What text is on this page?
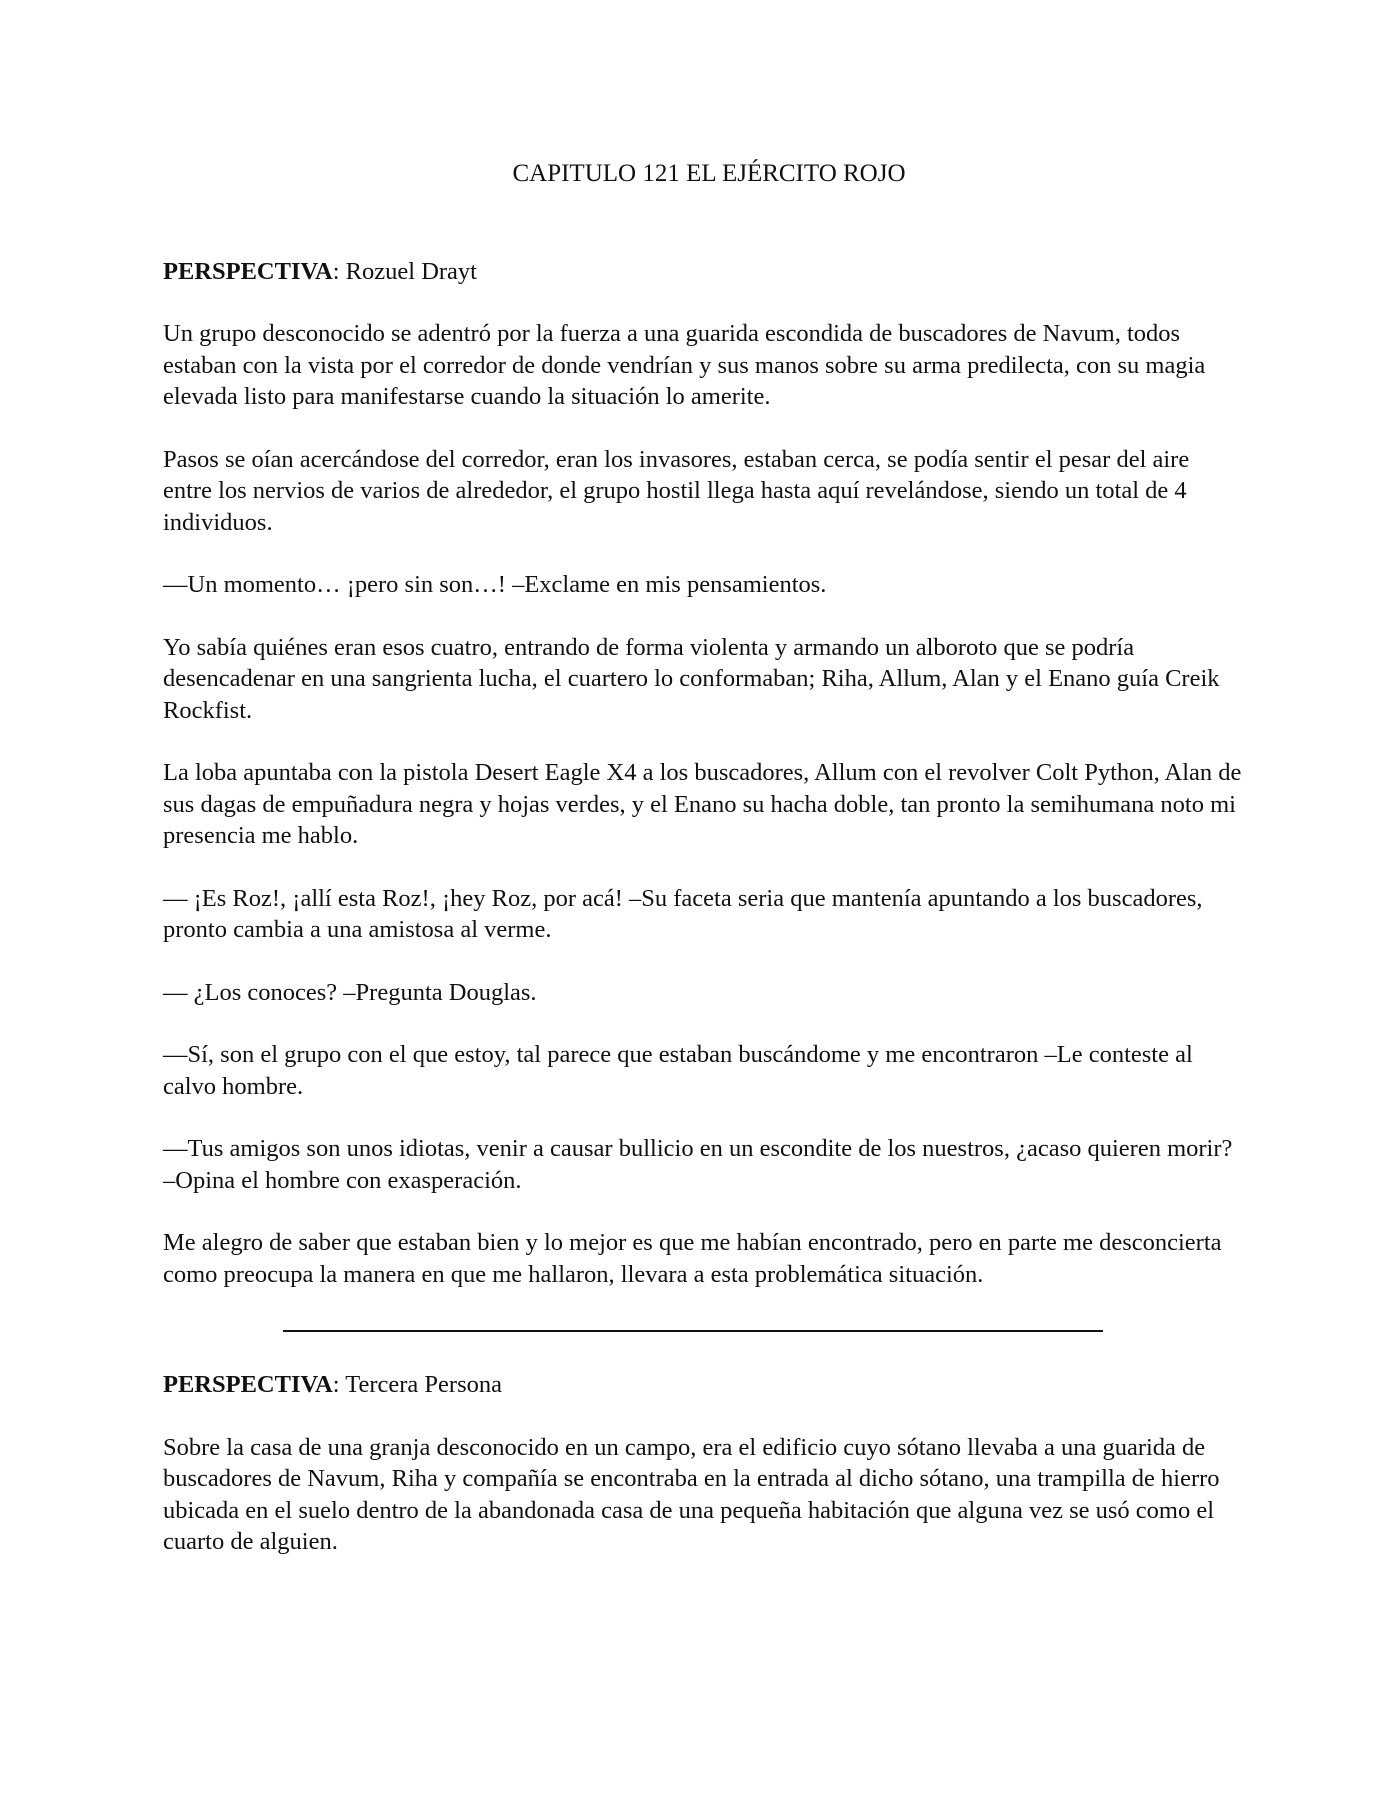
CAPITULO 121 EL EJÉRCITO ROJO
PERSPECTIVA: Rozuel Drayt

Un grupo desconocido se adentró por la fuerza a una guarida escondida de buscadores de Navum, todos estaban con la vista por el corredor de donde vendrían y sus manos sobre su arma predilecta, con su magia elevada listo para manifestarse cuando la situación lo amerite.

Pasos se oían acercándose del corredor, eran los invasores, estaban cerca, se podía sentir el pesar del aire entre los nervios de varios de alrededor, el grupo hostil llega hasta aquí revelándose, siendo un total de 4 individuos.

—Un momento… ¡pero sin son…! –Exclame en mis pensamientos.

Yo sabía quiénes eran esos cuatro, entrando de forma violenta y armando un alboroto que se podría desencadenar en una sangrienta lucha, el cuartero lo conformaban; Riha, Allum, Alan y el Enano guía Creik Rockfist.

La loba apuntaba con la pistola Desert Eagle X4 a los buscadores, Allum con el revolver Colt Python, Alan de sus dagas de empuñadura negra y hojas verdes, y el Enano su hacha doble, tan pronto la semihumana noto mi presencia me hablo.

— ¡Es Roz!, ¡allí esta Roz!, ¡hey Roz, por acá! –Su faceta seria que mantenía apuntando a los buscadores, pronto cambia a una amistosa al verme.

— ¿Los conoces? –Pregunta Douglas.

—Sí, son el grupo con el que estoy, tal parece que estaban buscándome y me encontraron –Le conteste al calvo hombre.

—Tus amigos son unos idiotas, venir a causar bullicio en un escondite de los nuestros, ¿acaso quieren morir? –Opina el hombre con exasperación.

Me alegro de saber que estaban bien y lo mejor es que me habían encontrado, pero en parte me desconcierta como preocupa la manera en que me hallaron, llevara a esta problemática situación.

PERSPECTIVA: Tercera Persona

Sobre la casa de una granja desconocido en un campo, era el edificio cuyo sótano llevaba a una guarida de buscadores de Navum, Riha y compañía se encontraba en la entrada al dicho sótano, una trampilla de hierro ubicada en el suelo dentro de la abandonada casa de una pequeña habitación que alguna vez se usó como el cuarto de alguien.
